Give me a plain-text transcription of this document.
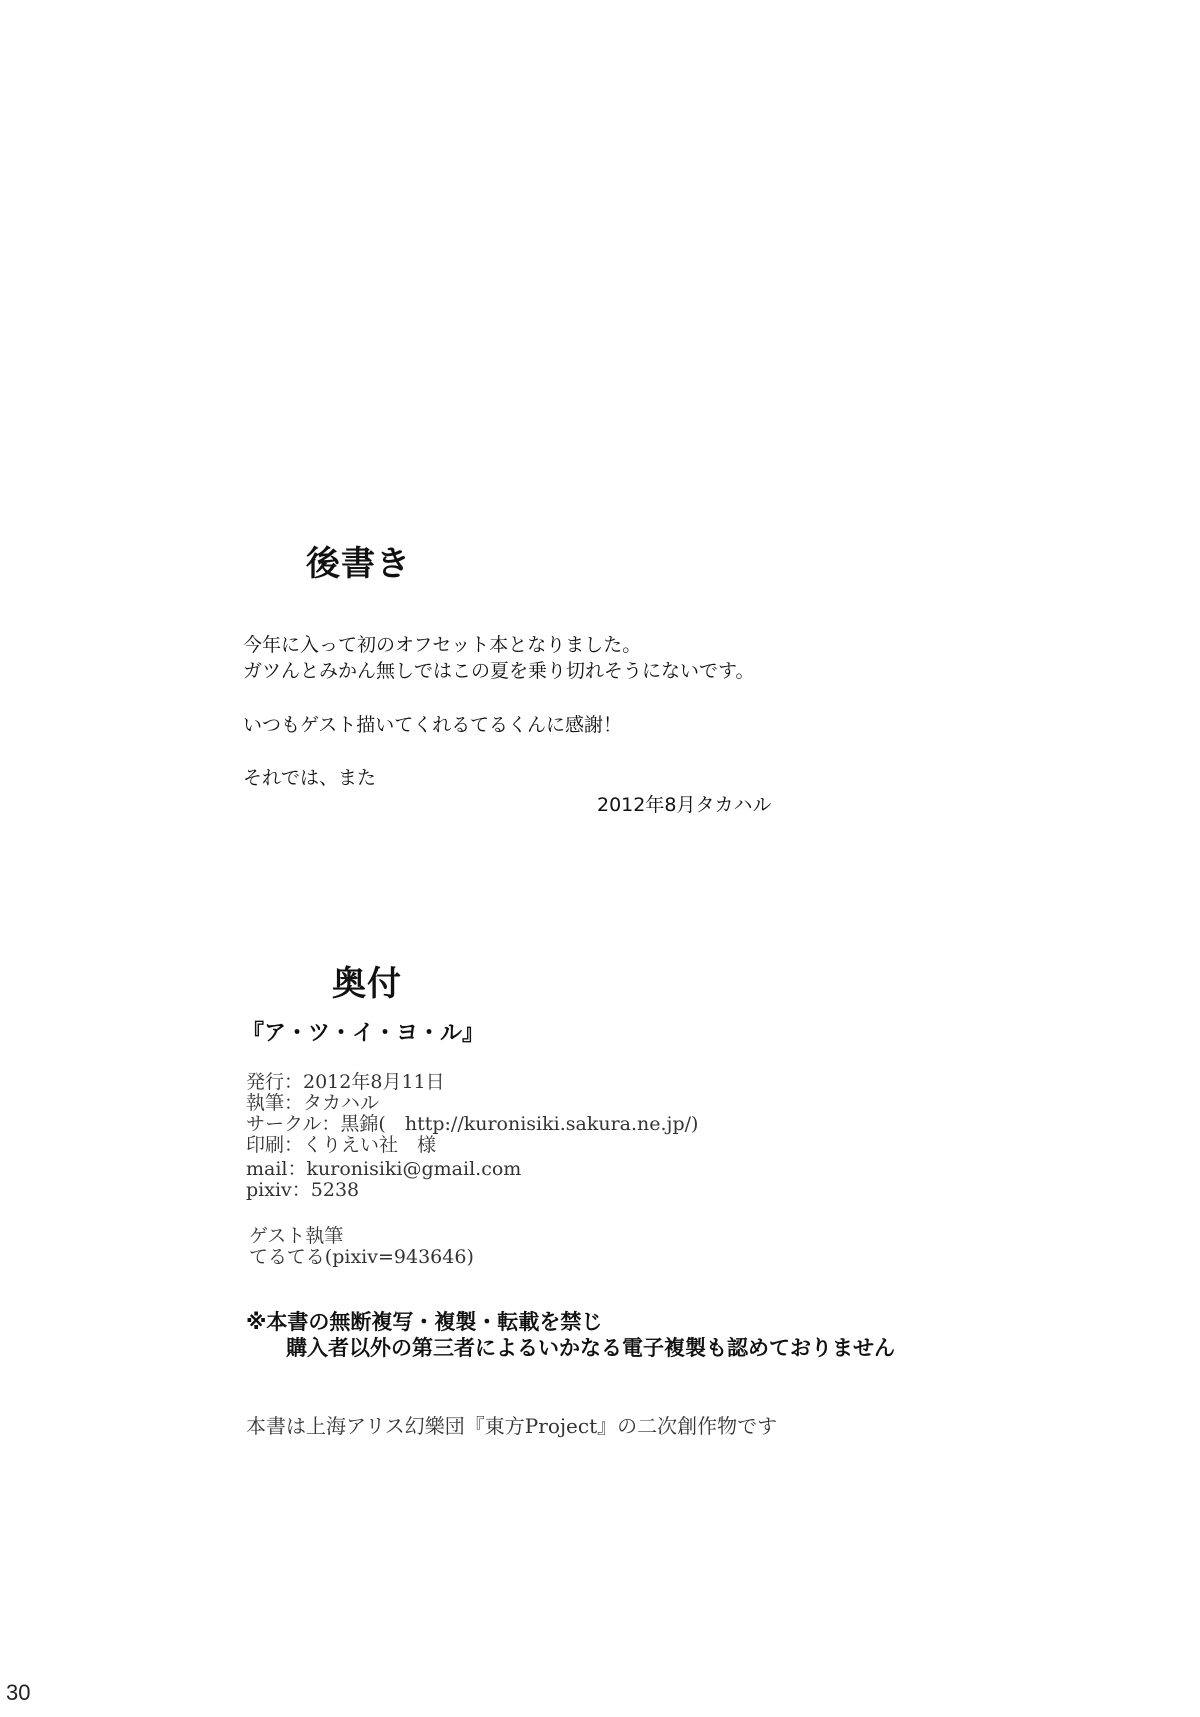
後書き
今年に入って初のオフセット本となりました。
ガツんとみかん無しではこの夏を乗り切れそうにないです。
いつもゲスト描いてくれるてるくんに感謝！
それでは、また
2012年8月タカハル
奥付
『ア・ツ・イ・ヨ・ル』
発行：2012年8月11日
執筆：タカハル
サークル：黒錦(　http://kuronisiki.sakura.ne.jp/)
印刷：くりえい社　様
mail：kuronisiki@gmail.com
pixiv：5238
ゲスト執筆
てるてる(pixiv=943646)
※本書の無断複写・複製・転載を禁じ
購入者以外の第三者によるいかなる電子複製も認めておりません
本書は上海アリス幻樂団『東方Project』の二次創作物です
30
